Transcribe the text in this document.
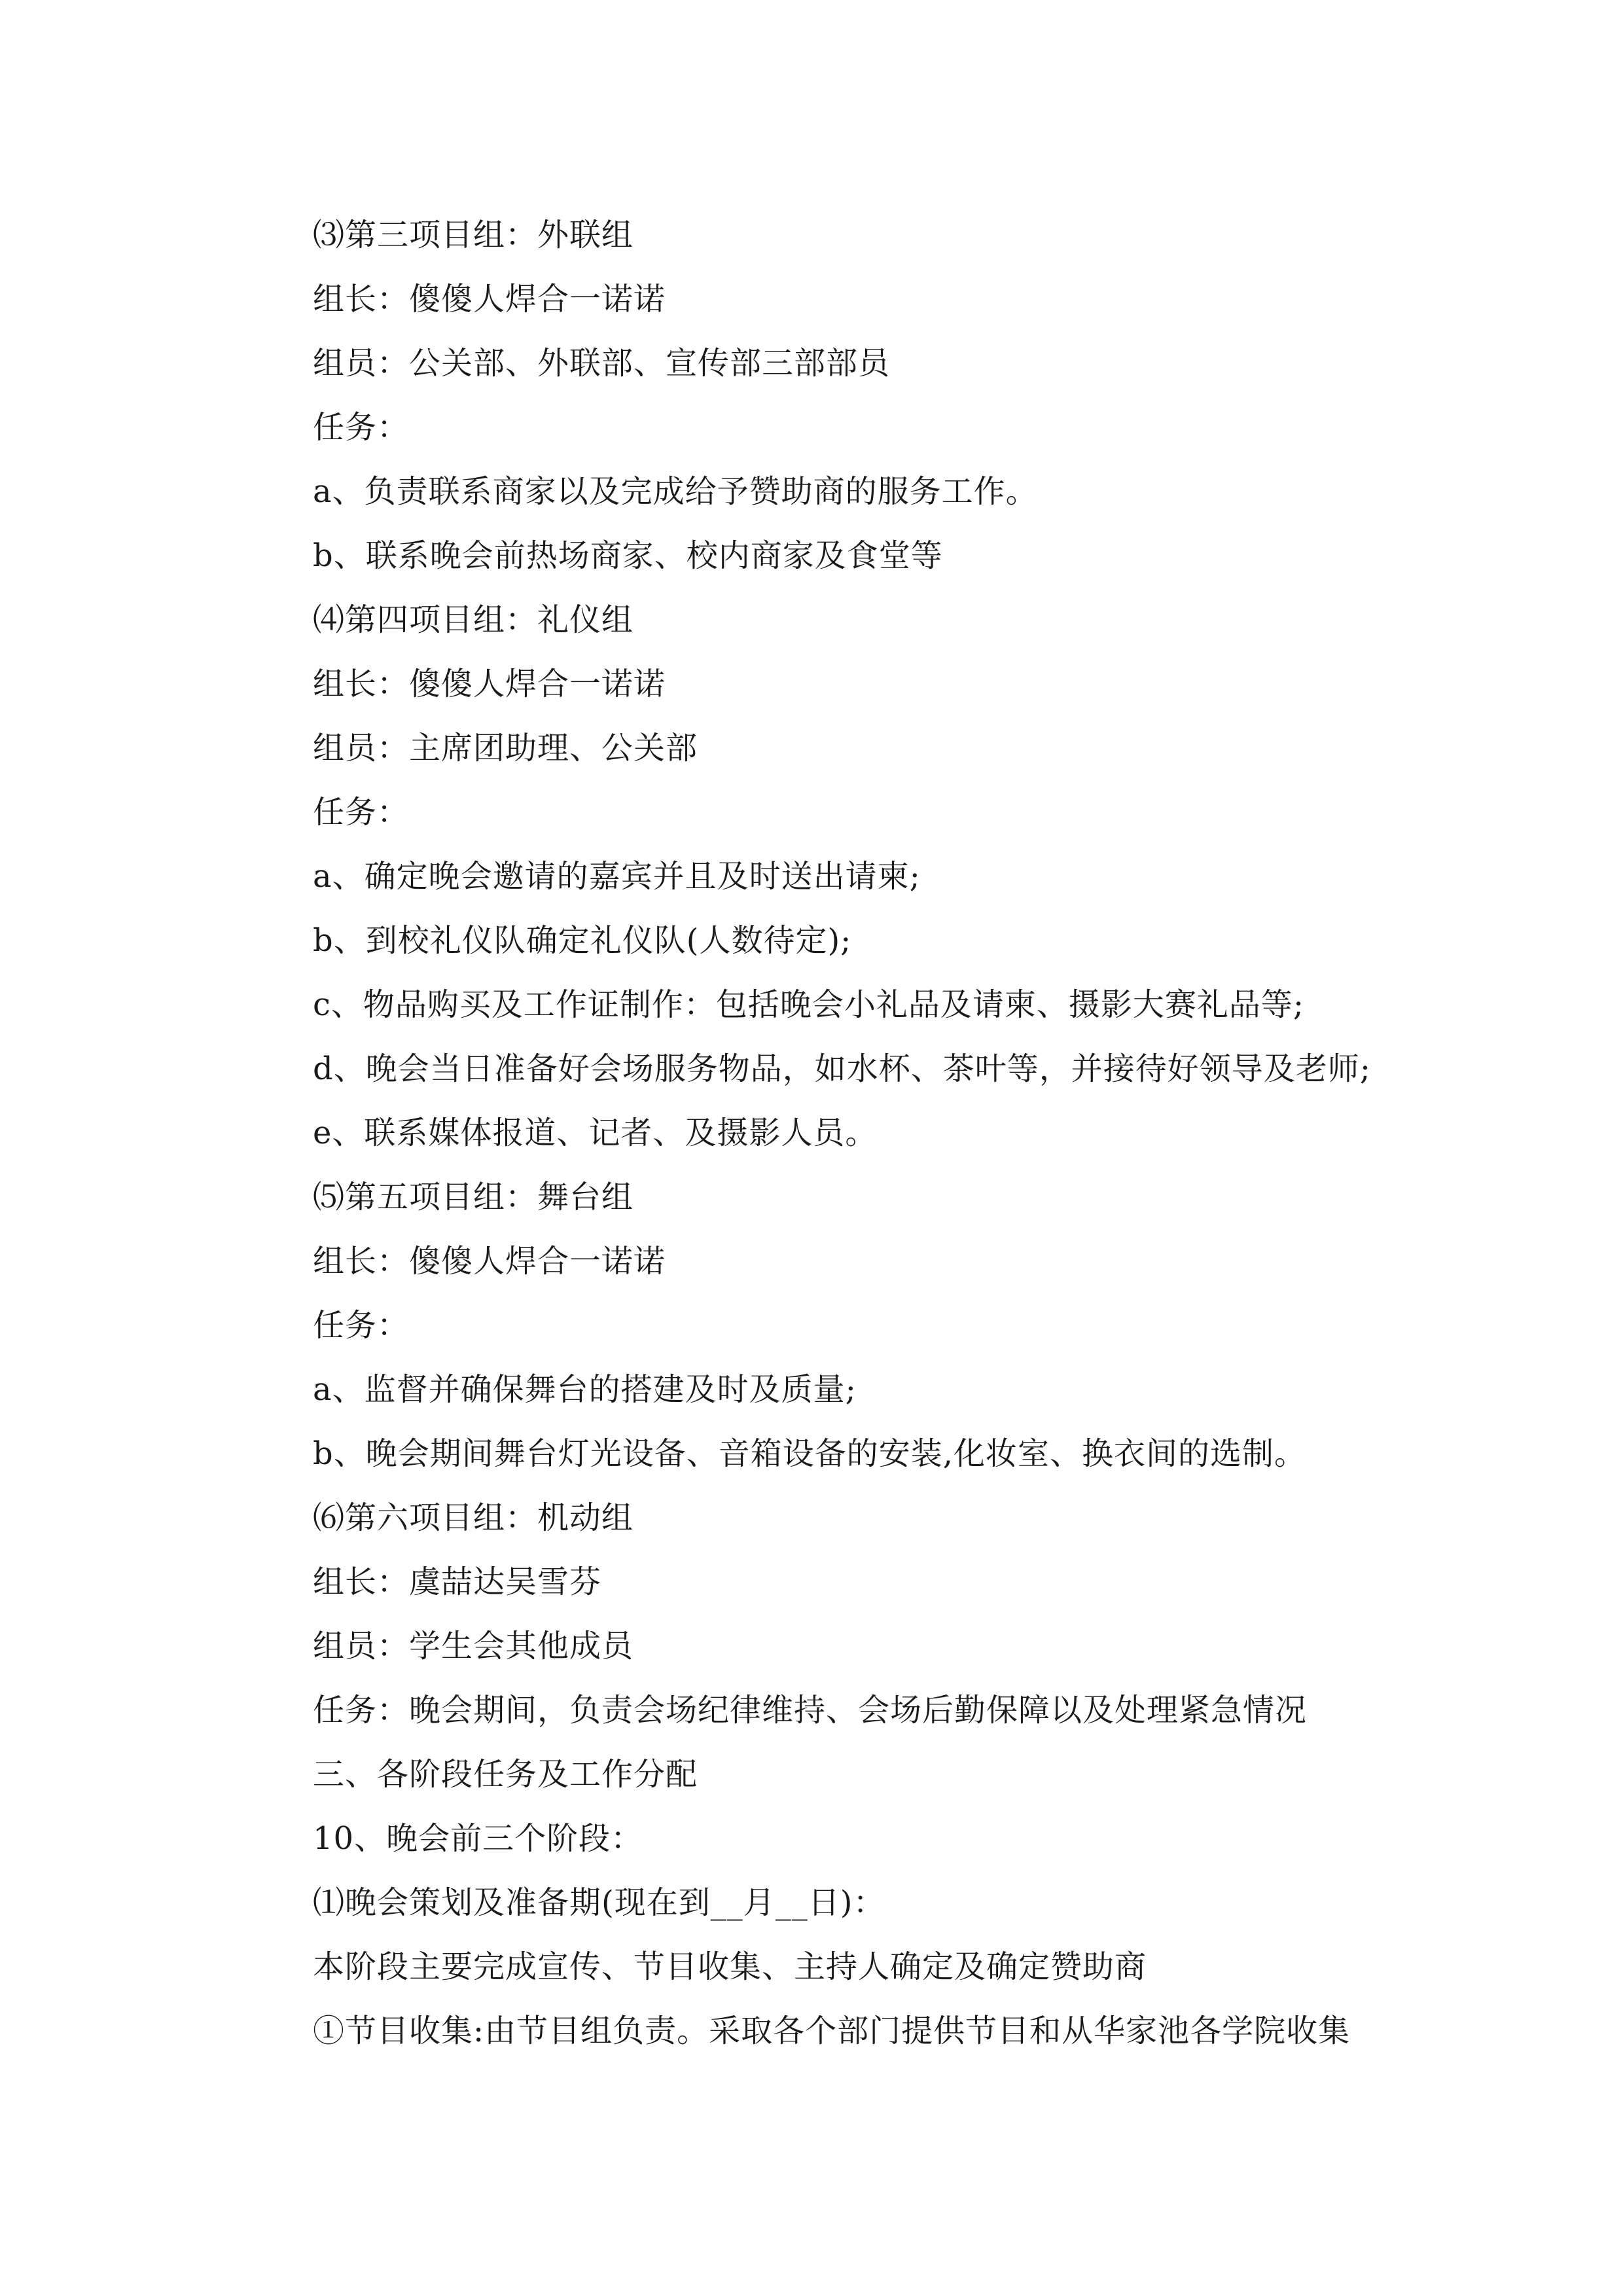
⑶第三项目组：外联组
组长：傻傻人焊合一诺诺
组员：公关部、外联部、宣传部三部部员
任务：
a、负责联系商家以及完成给予赞助商的服务工作。
b、联系晚会前热场商家、校内商家及食堂等
⑷第四项目组：礼仪组
组长：傻傻人焊合一诺诺
组员：主席团助理、公关部
任务：
a、确定晚会邀请的嘉宾并且及时送出请柬;
b、到校礼仪队确定礼仪队(人数待定);
c、物品购买及工作证制作：包括晚会小礼品及请柬、摄影大赛礼品等;
d、晚会当日准备好会场服务物品，如水杯、茶叶等，并接待好领导及老师;
e、联系媒体报道、记者、及摄影人员。
⑸第五项目组：舞台组
组长：傻傻人焊合一诺诺
任务：
a、监督并确保舞台的搭建及时及质量;
b、晚会期间舞台灯光设备、音箱设备的安装,化妆室、换衣间的选制。
⑹第六项目组：机动组
组长：虞喆达吴雪芬
组员：学生会其他成员
任务：晚会期间，负责会场纪律维持、会场后勤保障以及处理紧急情况
三、各阶段任务及工作分配
10、晚会前三个阶段：
⑴晚会策划及准备期(现在到__月__日)：
本阶段主要完成宣传、节目收集、主持人确定及确定赞助商
①节目收集:由节目组负责。采取各个部门提供节目和从华家池各学院收集
